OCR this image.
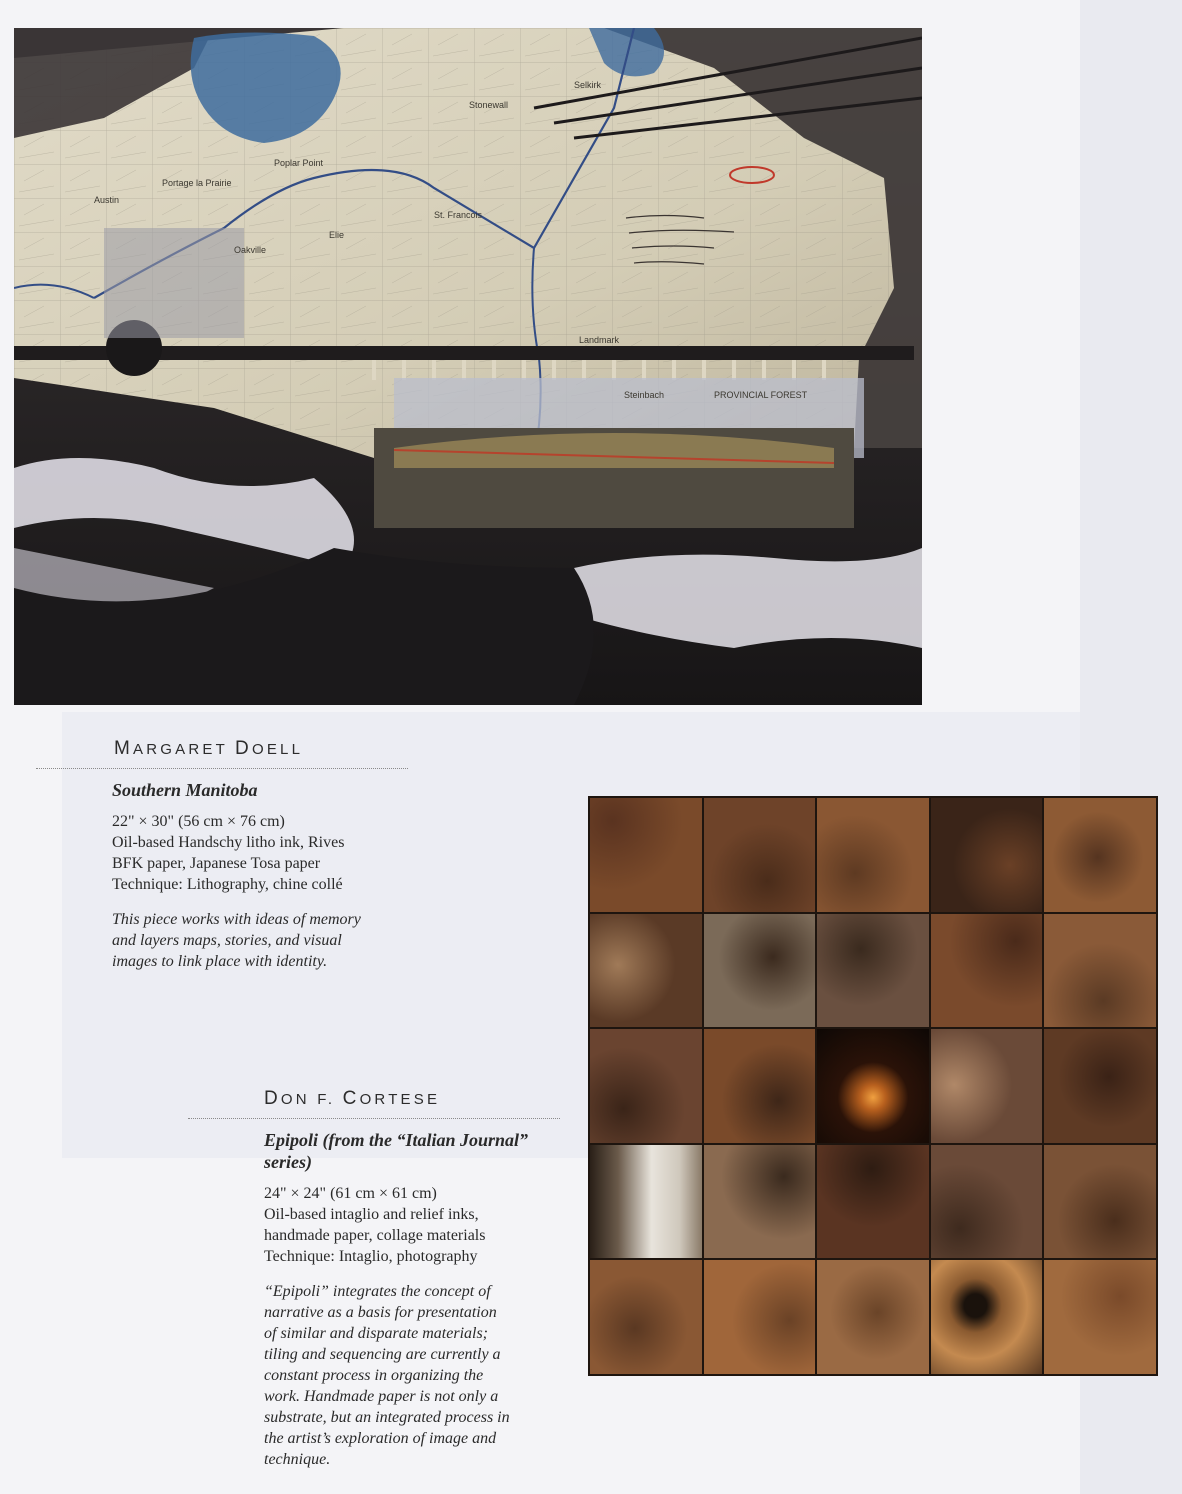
Portage la Prairie
Poplar Point
Stonewall
Selkirk
St. Francois
Austin
Elie
Oakville
Steinbach	PROVINCIAL FOREST
Landmark
MARGARET DOELL
Southern Manitoba
22" × 30" (56 cm × 76 cm)
Oil-based Handschy litho ink, Rives
BFK paper, Japanese Tosa paper
Technique: Lithography, chine collé
This piece works with ideas of memory
and layers maps, stories, and visual
images to link place with identity.
DON F. CORTESE
Epipoli (from the “Italian Journal”
series)
24" × 24" (61 cm × 61 cm)
Oil-based intaglio and relief inks,
handmade paper, collage materials
Technique: Intaglio, photography
“Epipoli” integrates the concept of
narrative as a basis for presentation
of similar and disparate materials;
tiling and sequencing are currently a
constant process in organizing the
work. Handmade paper is not only a
substrate, but an integrated process in
the artist’s exploration of image and
technique.
